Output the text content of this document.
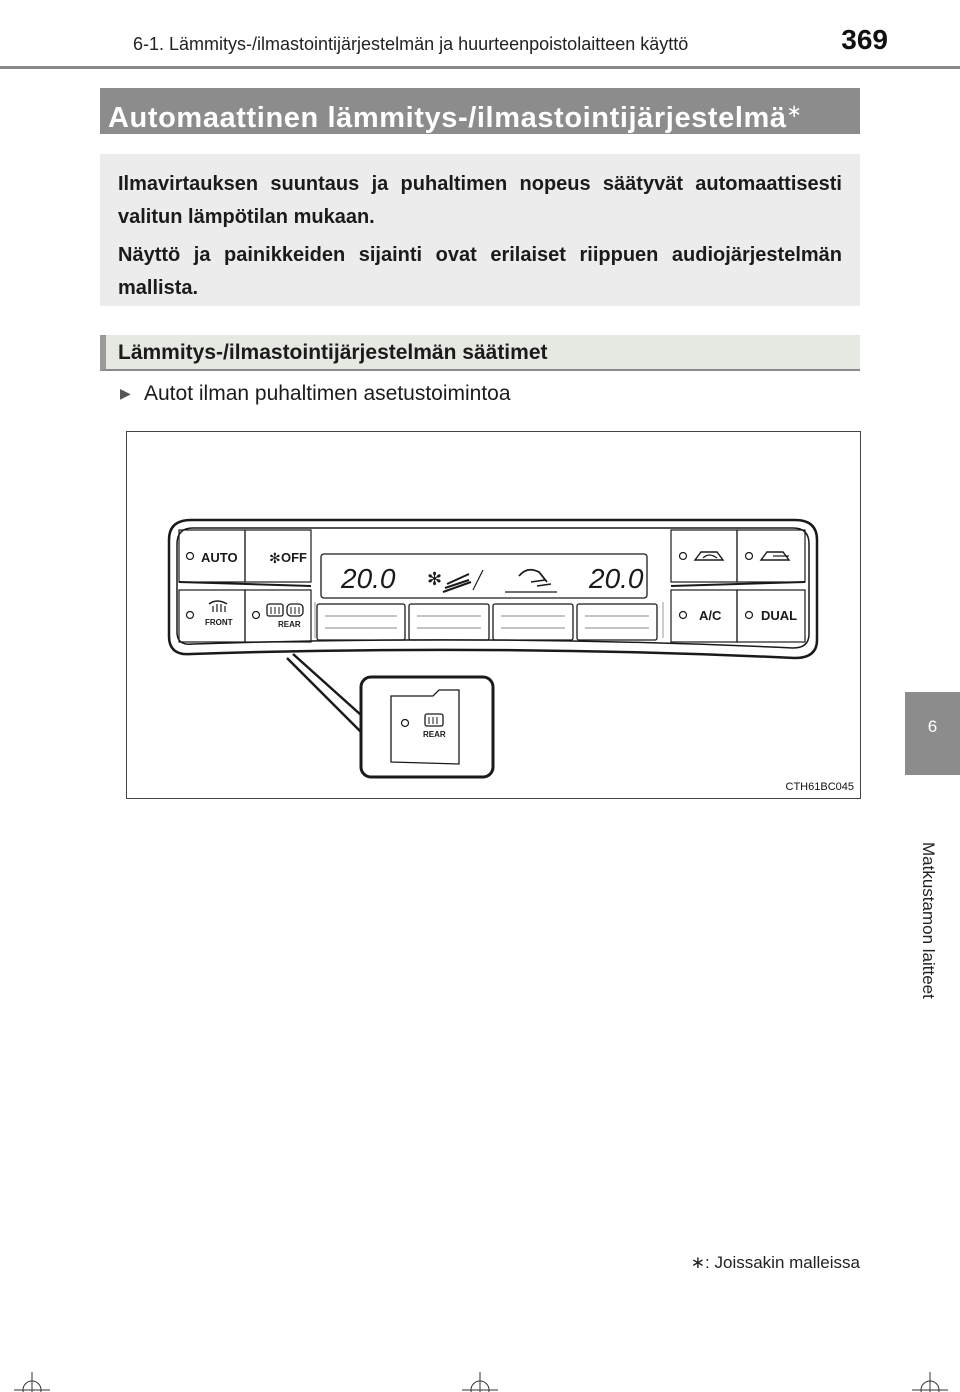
6-1. Lämmitys-/ilmastointijärjestelmän ja huurteenpoistolaitteen käyttö	369
Automaattinen lämmitys-/ilmastointijärjestelmä∗

Ilmavirtauksen suuntaus ja puhaltimen nopeus säätyvät automaattisesti valitun lämpötilan mukaan.

Näyttö ja painikkeiden sijainti ovat erilaiset riippuen audiojärjestelmän mallista.

Lämmitys-/ilmastointijärjestelmän säätimet
▶ Autot ilman puhaltimen asetustoimintoa
AUTO ✻ OFF
FRONT	REAR
20.0 ✻	20.0
A/C	DUAL
REAR
CTH61BC045
∗: Joissakin malleissa
6
Matkustamon laitteet
